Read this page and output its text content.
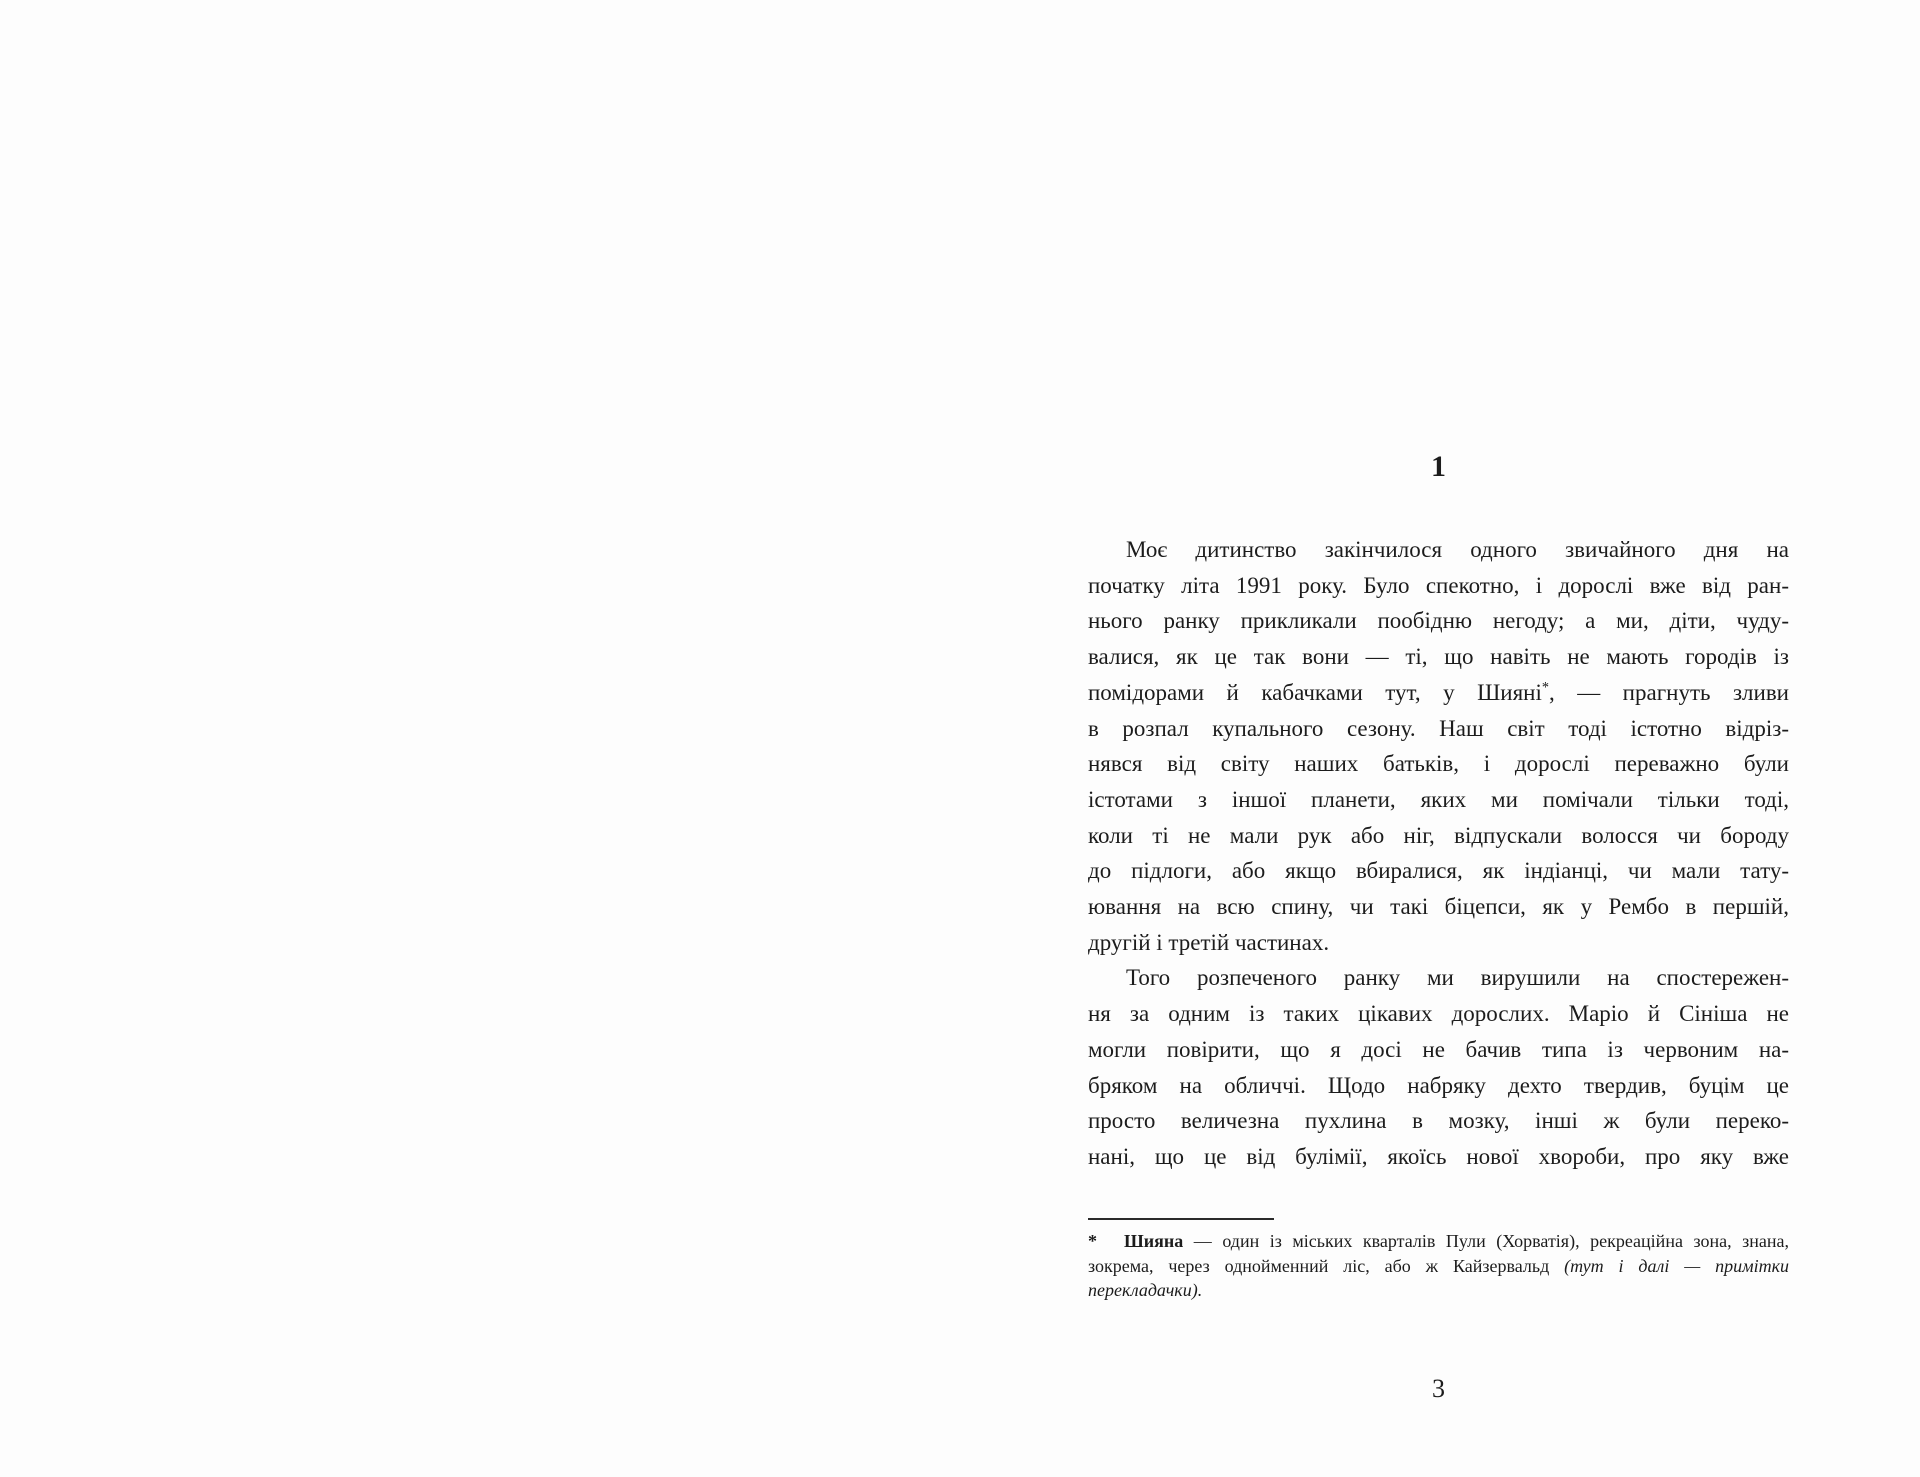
1

Моє дитинство закінчилося одного звичайного дня на

початку літа 1991 року. Було спекотно, і дорослі вже від ран-

нього ранку прикликали пообідню негоду; а ми, діти, чуду-

валися, як це так вони — ті, що навіть не мають городів із

помідорами й кабачками тут, у Шияні*, — прагнуть зливи

в розпал купального сезону. Наш світ тоді істотно відріз-

нявся від світу наших батьків, і дорослі переважно були

істотами з іншої планети, яких ми помічали тільки тоді,

коли ті не мали рук або ніг, відпускали волосся чи бороду

до підлоги, або якщо вбиралися, як індіанці, чи мали тату-

ювання на всю спину, чи такі біцепси, як у Рембо в першій,

другій і третій частинах.

Того розпеченого ранку ми вирушили на спостережен-

ня за одним із таких цікавих дорослих. Маріо й Сініша не

могли повірити, що я досі не бачив типа із червоним на-

бряком на обличчі. Щодо набряку дехто твердив, буцім це

просто величезна пухлина в мозку, інші ж були переко-

нані, що це від булімії, якоїсь нової хвороби, про яку вже

* Шияна — один із міських кварталів Пули (Хорватія), рекреаційна зона, знана,

зокрема, через однойменний ліс, або ж Кайзервальд (тут і далі — примітки

перекладачки).

3
